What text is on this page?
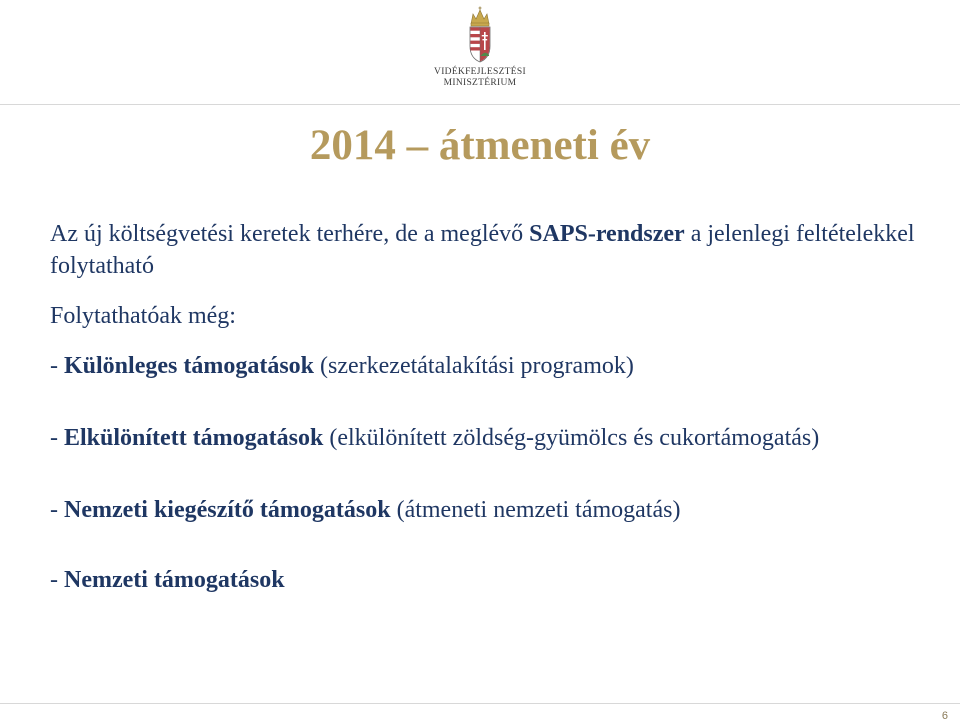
VIDÉKFEJLESZTÉSI
MINISZTÉRIUM
2014 – átmeneti év

Az új költségvetési keretek terhére, de a meglévő SAPS-rendszer a jelenlegi feltételekkel folytatható

Folytathatóak még:

- Különleges támogatások (szerkezetátalakítási programok)

- Elkülönített támogatások (elkülönített zöldség-gyümölcs és cukortámogatás)

- Nemzeti kiegészítő támogatások (átmeneti nemzeti támogatás)

- Nemzeti támogatások

6
